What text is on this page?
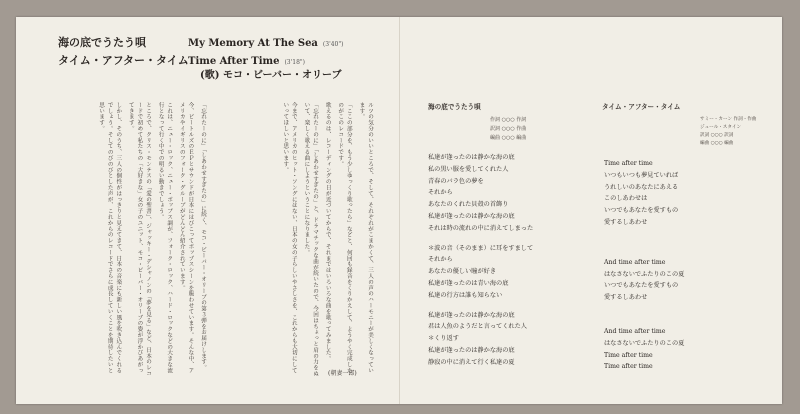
海の底でうたう唄	My Memory At The Sea (3'40")
タイム・アフター・タイム Time After Time (3'18")
(歌) モコ・ビーバー・オリーブ

「忘れたーのに」「しあわせすぎたの」に続く、モコ・ビーバー・オリーブの第３弾をお届けします。

今、ビートルズのＥＰとサウンドが日本にはびこってポップスシーンを賑わせています。そんな中、アメリカやイギリスのフォーク・グループがどんどん紹介されています。

これは、ニュー・ロック、ニュー・ポップス調が、フォーク・ロック、ハード・ロックなどの大きな流行となって行く中での明るい動きでしょう。

ところで、クリス・モンテスの「愛の聖書」、ジャッキー・デシャノンの「夢を見る」など、日本のレコードで初めて私たちの「大好きな」女の子のユニット、モコ・ビーバー・オリーブの姿が浮かびあがってきます。

しかし、そのうち、三人の個性がはっきりと見えてきて、日本の音楽にも新しい風を吹き込んでくれるでしょう。そしてのびのびとした声が、これからのレコードでさらに成長していくことを期待したいと思います。	ルツの気分のいいところで、そして、それぞれがこまかくて、三人の声のハーモニーが美しくなっています。

「ここの部分を、もう少しゆっくり歌ったら」などと、何回も録音をくりかえして、ようやく完成したのがこのレコードです。

歌えるのは、レコーディングの日が近づいてからで、それまではいろいろな曲を歌ってみました。

「忘れたーのに」「しあわせすぎたの」と、ドラマチックな曲が続いたので、今回はちょっと肩の力をぬいて、楽しく歌える曲にしようということになりました。

今まで、アメリカのヒット・ソングにはない、日本の女の子らしいやさしさを、これからも大切にしていってほしいと思います。

(朝妻一郎)
海の底でうたう唄
作詞 ○○○ 作詞
訳詞 ○○○ 作曲
編曲 ○○○ 編曲
私達が逢ったのは静かな海の底
私の黒い服を愛してくれた人
青春のバラ色の夢を
それから
あなたのくれた貝殻の首飾り
私達が逢ったのは静かな海の底
それは時の流れの中に消えてしまった
＊波の音（そのまま）に耳をすまして
それから
あなたの優しい瞳が好き
私達が逢ったのは青い海の底
私達の行方は誰も知らない
私達が逢ったのは静かな海の底
君は人魚のようだと言ってくれた人
＊くり返す
私達が逢ったのは静かな海の底
静寂の中に消えて行く私達の夏
タイム・アフター・タイム
サミー・カーン 作詞・作曲
ジュール・スタイン
訳詞 ○○○ 訳詞
編曲 ○○○ 編曲
Time after time
いつもいつも夢見ていれば
うれしいのあなたにあえる
このしあわせは
いつでもあなたを愛すもの
愛するしあわせ
And time after time
はなさないでふたりのこの夏
いつでもあなたを愛すもの
愛するしあわせ
And time after time
はなさないでふたりのこの夏
Time after time
Time after time
